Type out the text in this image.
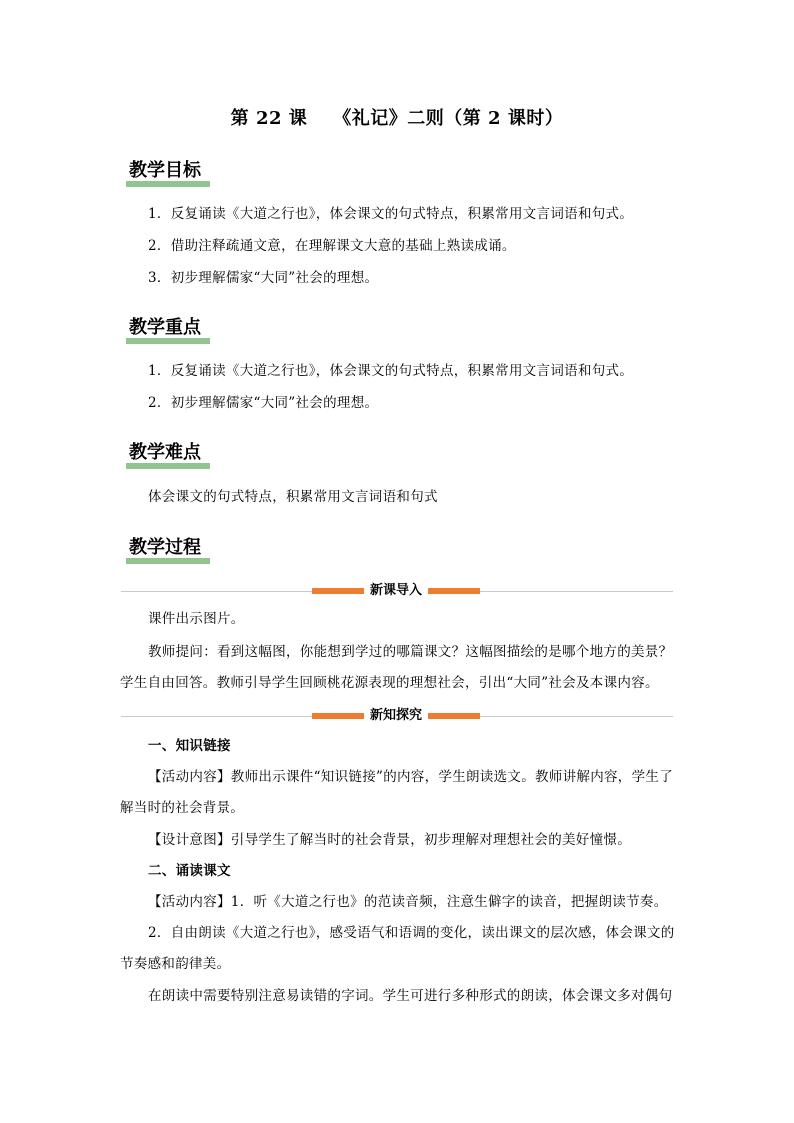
第 22 课 《礼记》二则（第 2 课时）
教学目标
1．反复诵读《大道之行也》，体会课文的句式特点，积累常用文言词语和句式。
2．借助注释疏通文意，在理解课文大意的基础上熟读成诵。
3．初步理解儒家“大同”社会的理想。
教学重点
1．反复诵读《大道之行也》，体会课文的句式特点，积累常用文言词语和句式。
2．初步理解儒家“大同”社会的理想。
教学难点
体会课文的句式特点，积累常用文言词语和句式
教学过程
新课导入
课件出示图片。
教师提问：看到这幅图，你能想到学过的哪篇课文？这幅图描绘的是哪个地方的美景？学生自由回答。教师引导学生回顾桃花源表现的理想社会，引出“大同”社会及本课内容。
新知探究
一、知识链接
【活动内容】教师出示课件“知识链接”的内容，学生朗读选文。教师讲解内容，学生了解当时的社会背景。
【设计意图】引导学生了解当时的社会背景，初步理解对理想社会的美好憧憬。
二、诵读课文
【活动内容】1．听《大道之行也》的范读音频，注意生僻字的读音，把握朗读节奏。
2．自由朗读《大道之行也》，感受语气和语调的变化，读出课文的层次感，体会课文的节奏感和韵律美。
在朗读中需要特别注意易读错的字词。学生可进行多种形式的朗读，体会课文多对偶句
